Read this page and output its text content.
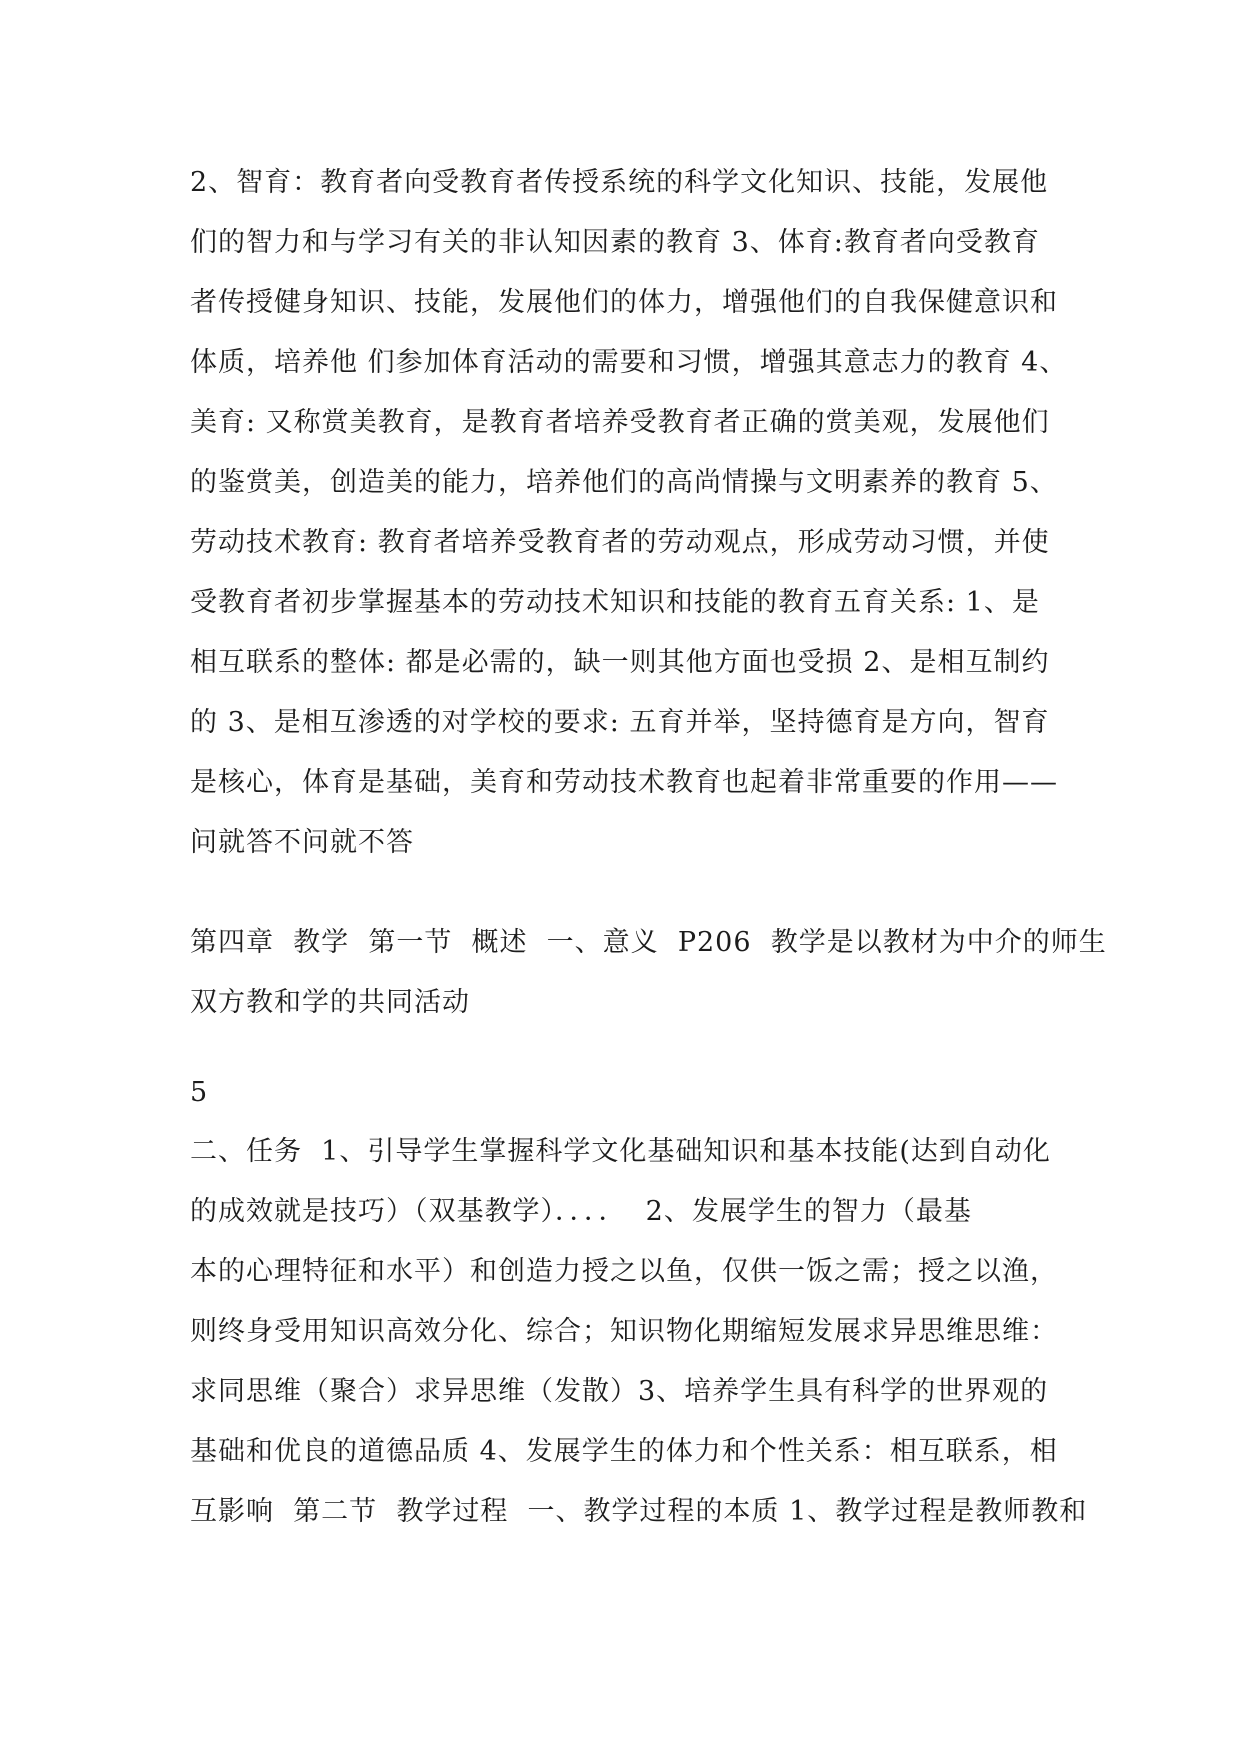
2、智育：教育者向受教育者传授系统的科学文化知识、技能，发展他
们的智力和与学习有关的非认知因素的教育 3、体育:教育者向受教育
者传授健身知识、技能，发展他们的体力，增强他们的自我保健意识和
体质，培养他 们参加体育活动的需要和习惯，增强其意志力的教育 4、
美育: 又称赏美教育，是教育者培养受教育者正确的赏美观，发展他们
的鉴赏美，创造美的能力，培养他们的高尚情操与文明素养的教育 5、
劳动技术教育: 教育者培养受教育者的劳动观点，形成劳动习惯，并使
受教育者初步掌握基本的劳动技术知识和技能的教育五育关系: 1、是
相互联系的整体: 都是必需的，缺一则其他方面也受损 2、是相互制约
的 3、是相互渗透的对学校的要求: 五育并举，坚持德育是方向，智育
是核心，体育是基础，美育和劳动技术教育也起着非常重要的作用——
问就答不问就不答
第四章  教学  第一节  概述  一、意义  P206  教学是以教材为中介的师生
双方教和学的共同活动
5
二、任务  1、引导学生掌握科学文化基础知识和基本技能(达到自动化
的成效就是技巧）（双基教学）．．．．  2、发展学生的智力（最基
本的心理特征和水平）和创造力授之以鱼，仅供一饭之需；授之以渔，
则终身受用知识高效分化、综合；知识物化期缩短发展求异思维思维：
求同思维（聚合）求异思维（发散）3、培养学生具有科学的世界观的
基础和优良的道德品质 4、发展学生的体力和个性关系：相互联系，相
互影响  第二节  教学过程  一、教学过程的本质 1、教学过程是教师教和
